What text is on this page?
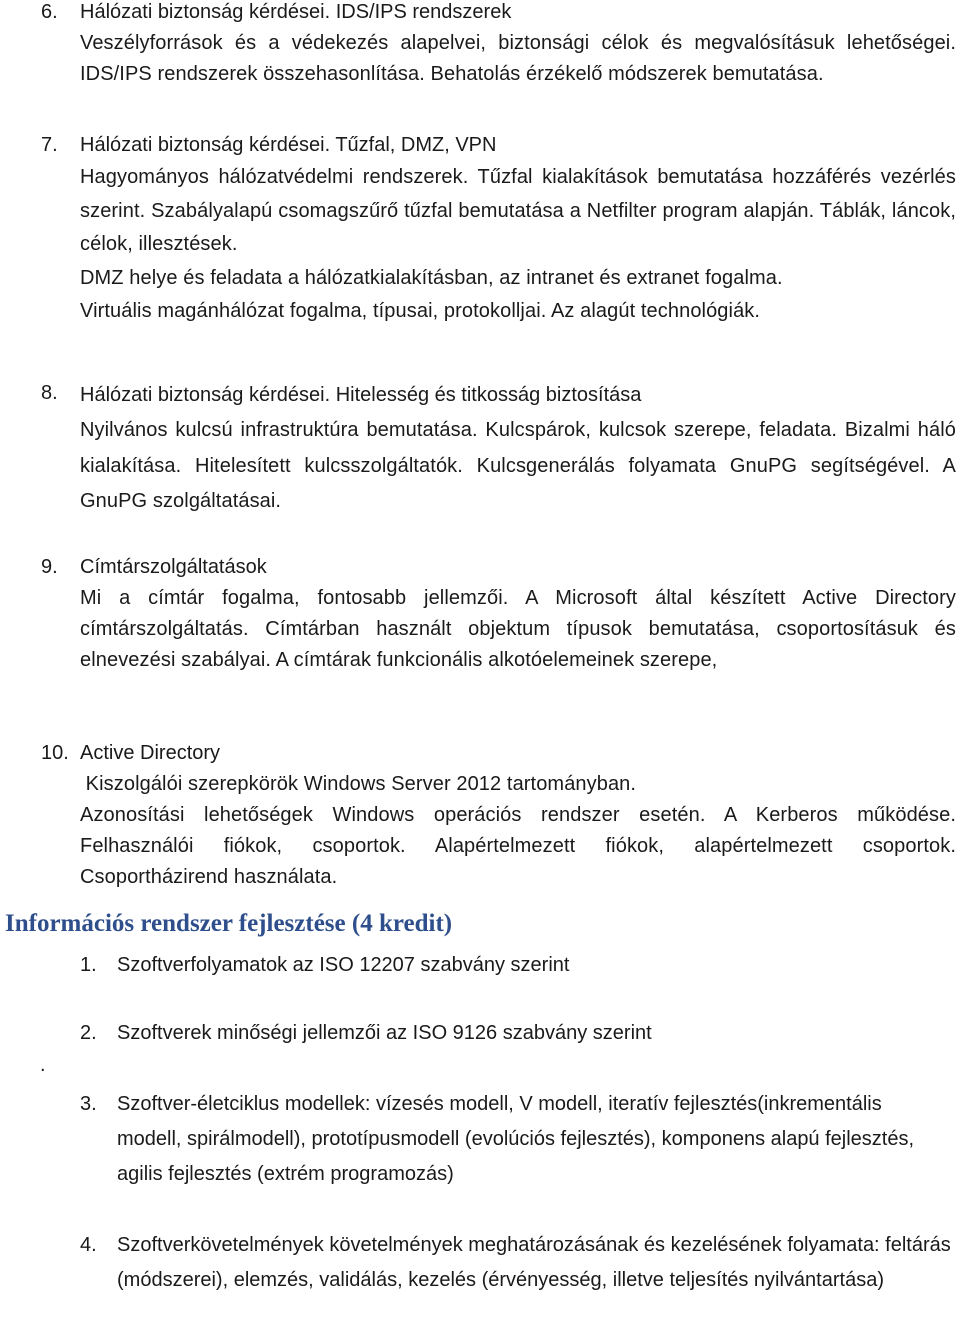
6. Hálózati biztonság kérdései. IDS/IPS rendszerek
Veszélyforrások és a védekezés alapelvei, biztonsági célok és megvalósításuk lehetőségei. IDS/IPS rendszerek összehasonlítása. Behatolás érzékelő módszerek bemutatása.
7. Hálózati biztonság kérdései. Tűzfal, DMZ, VPN
Hagyományos hálózatvédelmi rendszerek. Tűzfal kialakítások bemutatása hozzáférés vezérlés szerint. Szabályalapú csomagszűrő tűzfal bemutatása a Netfilter program alapján. Táblák, láncok, célok, illesztések.
DMZ helye és feladata a hálózatkialakításban, az intranet és extranet fogalma.
Virtuális magánhálózat fogalma, típusai, protokolljai. Az alagút technológiák.
8. Hálózati biztonság kérdései. Hitelesség és titkosság biztosítása
Nyilvános kulcsú infrastruktúra bemutatása. Kulcspárok, kulcsok szerepe, feladata. Bizalmi háló kialakítása. Hitelesített kulcsszolgáltatók. Kulcsgenerálás folyamata GnuPG segítségével. A GnuPG szolgáltatásai.
9. Címtárszolgáltatások
Mi a címtár fogalma, fontosabb jellemzői. A Microsoft által készített Active Directory címtárszolgáltatás. Címtárban használt objektum típusok bemutatása, csoportosításuk és elnevezési szabályai. A címtárak funkcionális alkotóelemeinek szerepe,
10. Active Directory
Kiszolgálói szerepkörök Windows Server 2012 tartományban.
Azonosítási lehetőségek Windows operációs rendszer esetén. A Kerberos működése. Felhasználói fiókok, csoportok. Alapértelmezett fiókok, alapértelmezett csoportok. Csoportházirend használata.
Információs rendszer fejlesztése (4 kredit)
1. Szoftverfolyamatok az ISO 12207 szabvány szerint
2. Szoftverek minőségi jellemzői az ISO 9126 szabvány szerint
.
3. Szoftver-életciklus modellek: vízesés modell, V modell, iteratív fejlesztés(inkrementális modell, spirálmodell), prototípusmodell (evolúciós fejlesztés), komponens alapú fejlesztés, agilis fejlesztés (extrém programozás)
4. Szoftverkövetelmények követelmények meghatározásának és kezelésének folyamata: feltárás (módszerei), elemzés, validálás, kezelés (érvényesség, illetve teljesítés nyilvántartása)
